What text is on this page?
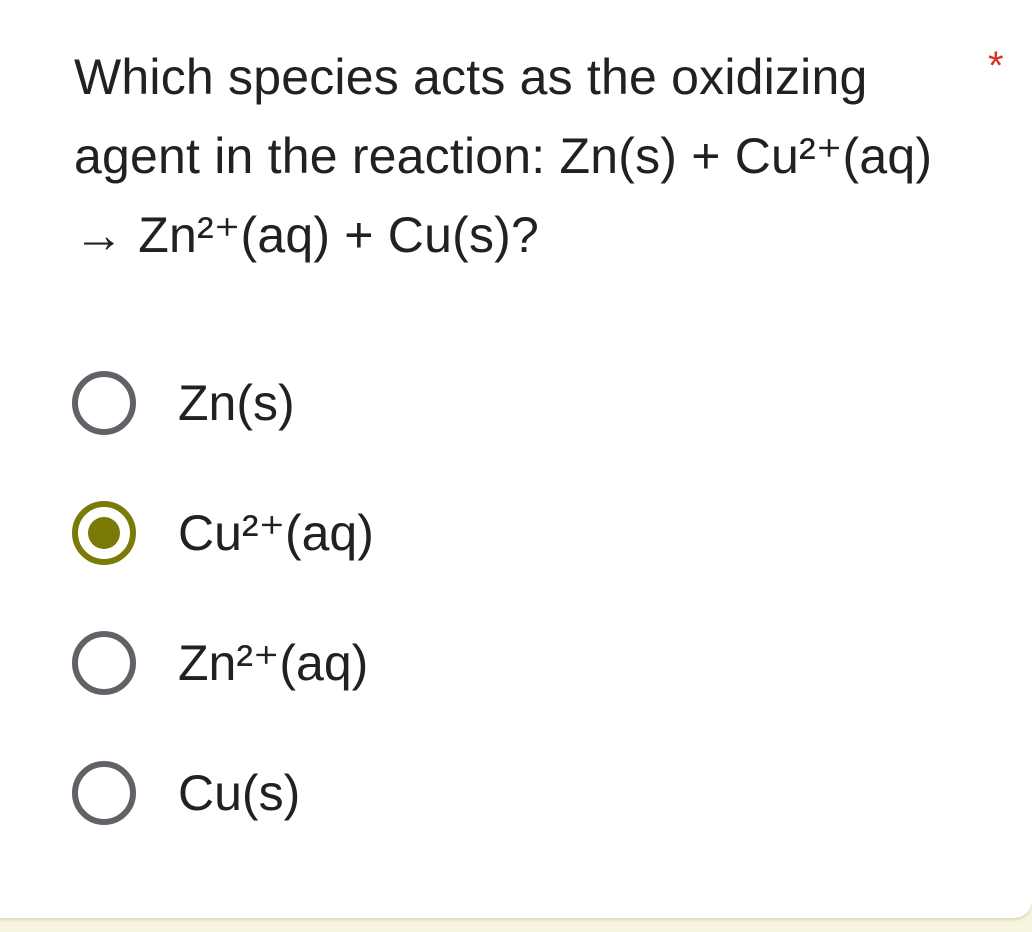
Which species acts as the oxidizing
agent in the reaction: Zn(s) + Cu²⁺(aq)
→ Zn²⁺(aq) + Cu(s)?
*
Zn(s)
Cu²⁺(aq)
Zn²⁺(aq)
Cu(s)
